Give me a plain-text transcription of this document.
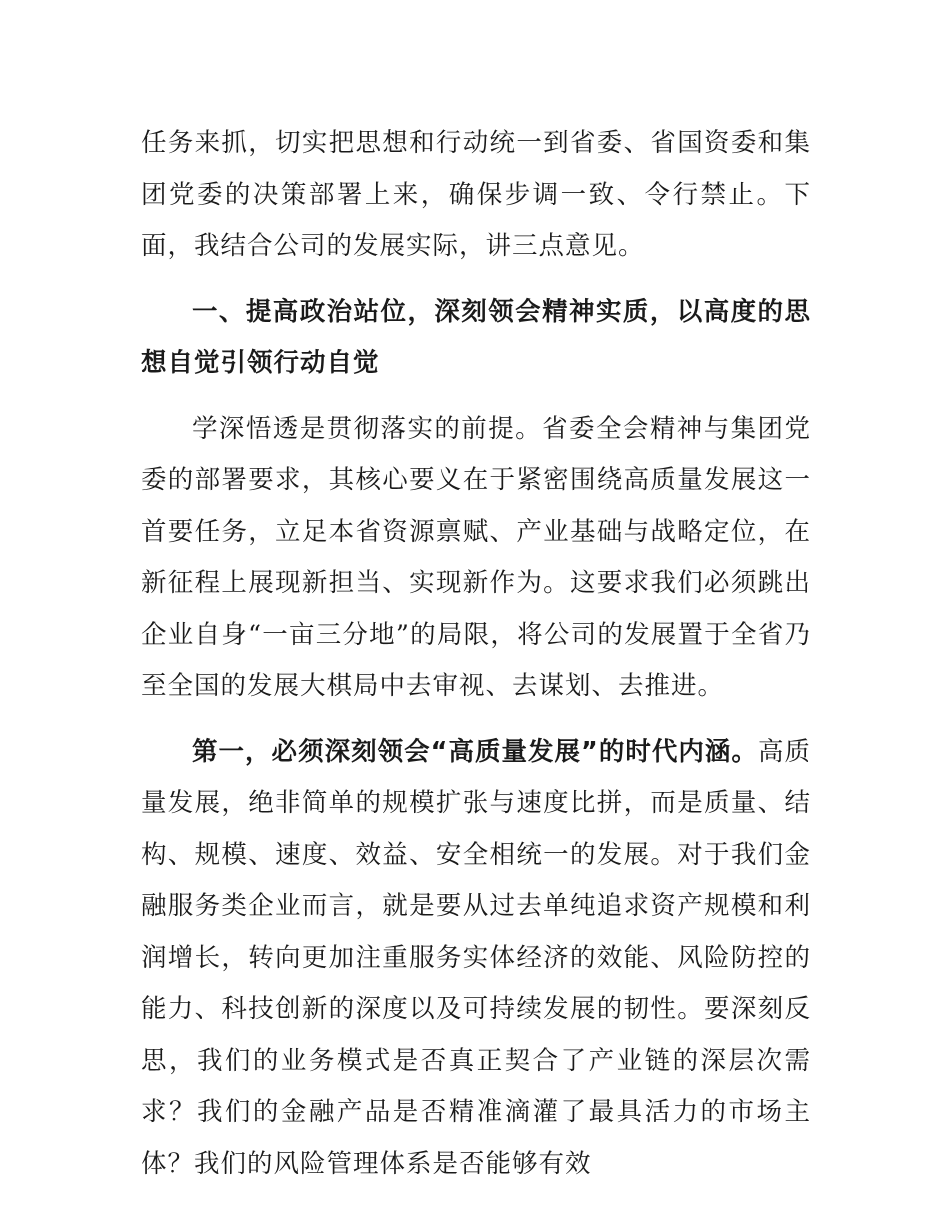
任务来抓，切实把思想和行动统一到省委、省国资委和集团党委的决策部署上来，确保步调一致、令行禁止。下面，我结合公司的发展实际，讲三点意见。

一、提高政治站位，深刻领会精神实质，以高度的思想自觉引领行动自觉

学深悟透是贯彻落实的前提。省委全会精神与集团党委的部署要求，其核心要义在于紧密围绕高质量发展这一首要任务，立足本省资源禀赋、产业基础与战略定位，在新征程上展现新担当、实现新作为。这要求我们必须跳出企业自身“一亩三分地”的局限，将公司的发展置于全省乃至全国的发展大棋局中去审视、去谋划、去推进。

第一，必须深刻领会“高质量发展”的时代内涵。高质量发展，绝非简单的规模扩张与速度比拼，而是质量、结构、规模、速度、效益、安全相统一的发展。对于我们金融服务类企业而言，就是要从过去单纯追求资产规模和利润增长，转向更加注重服务实体经济的效能、风险防控的能力、科技创新的深度以及可持续发展的韧性。要深刻反思，我们的业务模式是否真正契合了产业链的深层次需求？我们的金融产品是否精准滴灌了最具活力的市场主体？我们的风险管理体系是否能够有效
